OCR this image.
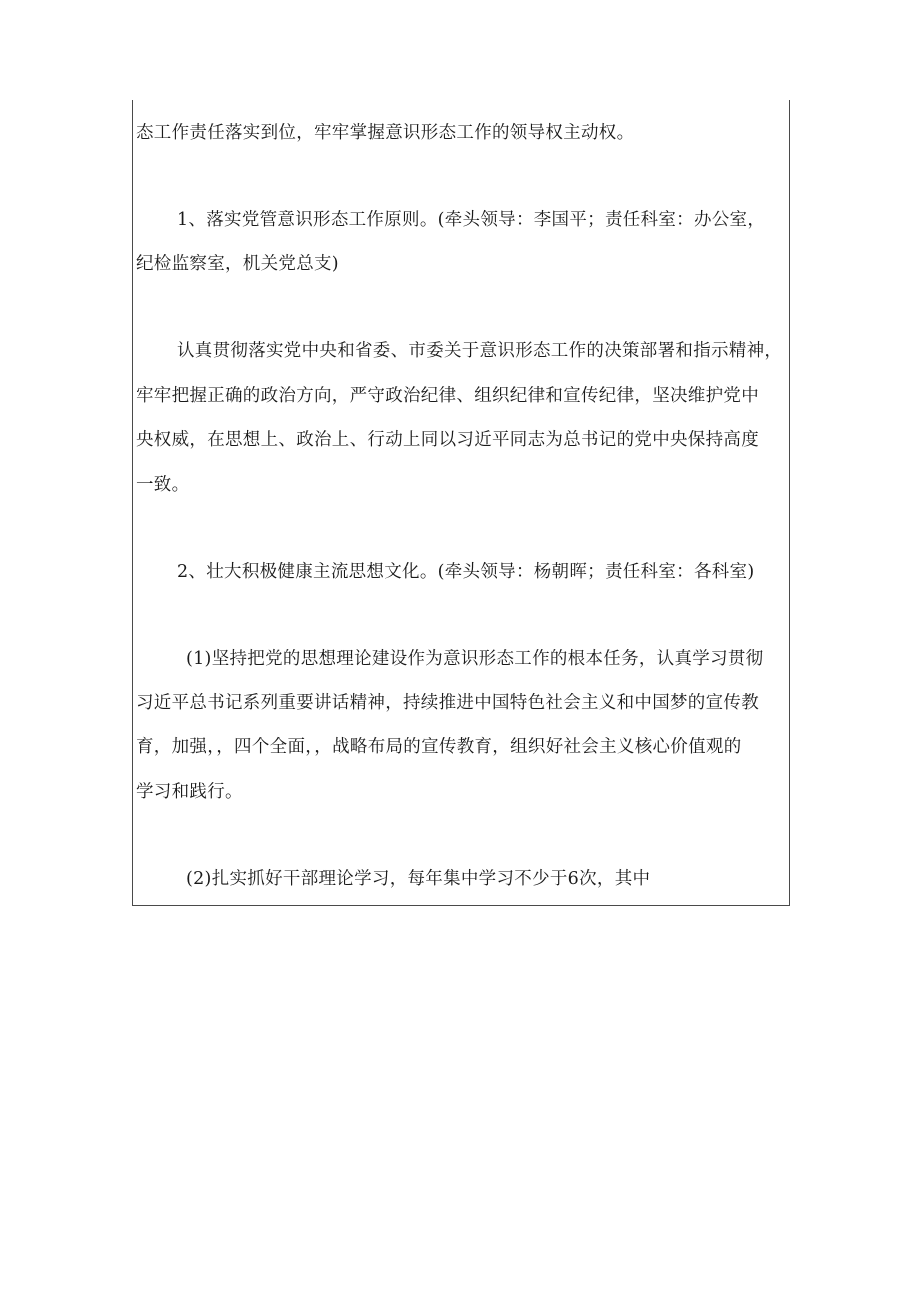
态工作责任落实到位，牢牢掌握意识形态工作的领导权主动权。
1、落实党管意识形态工作原则。(牵头领导：李国平；责任科室：办公室，
纪检监察室，机关党总支)
认真贯彻落实党中央和省委、市委关于意识形态工作的决策部署和指示精神，
牢牢把握正确的政治方向，严守政治纪律、组织纪律和宣传纪律，坚决维护党中
央权威，在思想上、政治上、行动上同以习近平同志为总书记的党中央保持高度
一致。
2、壮大积极健康主流思想文化。(牵头领导：杨朝晖；责任科室：各科室)
(1)坚持把党的思想理论建设作为意识形态工作的根本任务，认真学习贯彻
习近平总书记系列重要讲话精神，持续推进中国特色社会主义和中国梦的宣传教
育，加强，，四个全面，，战略布局的宣传教育，组织好社会主义核心价值观的
学习和践行。
(2)扎实抓好干部理论学习，每年集中学习不少于6次，其中
